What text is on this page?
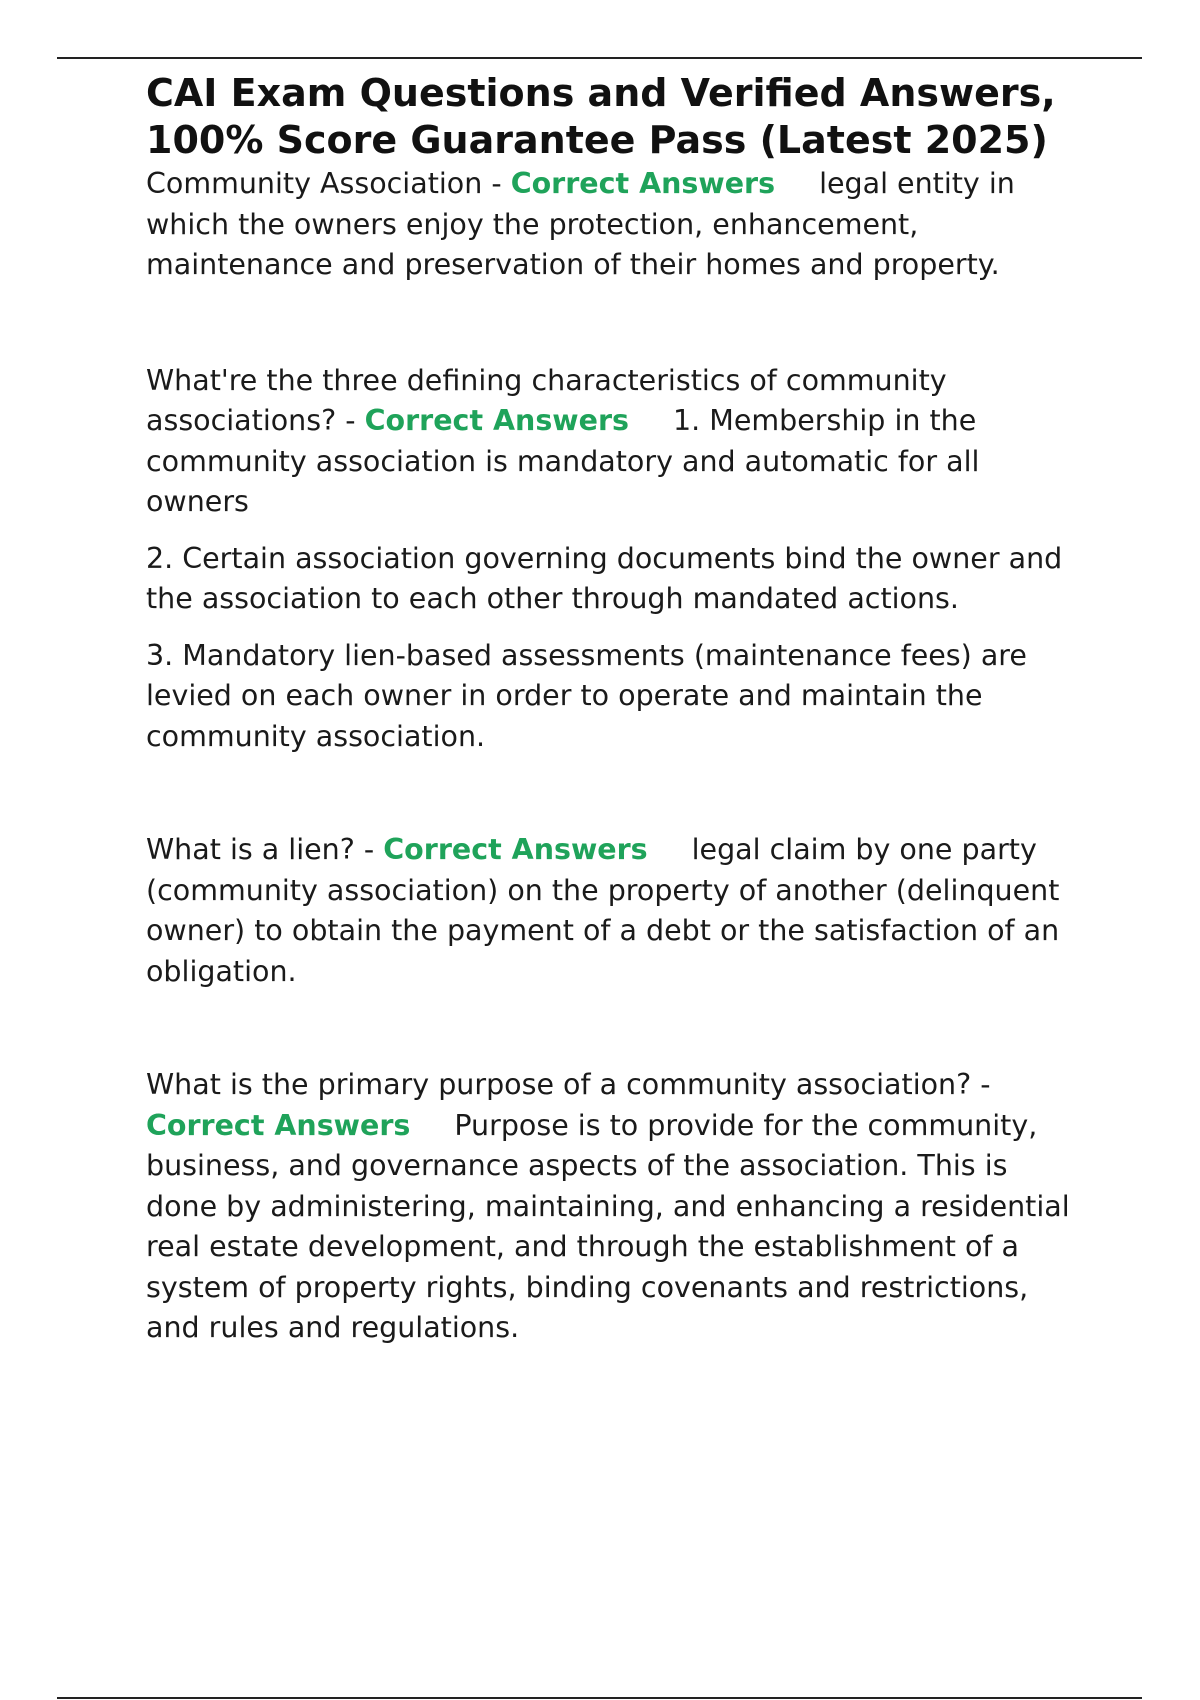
CAI Exam Questions and Verified Answers, 100% Score Guarantee Pass (Latest 2025)

Community Association - Correct Answers legal entity in which the owners enjoy the protection, enhancement, maintenance and preservation of their homes and property.

What're the three defining characteristics of community associations? - Correct Answers 1. Membership in the community association is mandatory and automatic for all owners

2. Certain association governing documents bind the owner and the association to each other through mandated actions.

3. Mandatory lien-based assessments (maintenance fees) are levied on each owner in order to operate and maintain the community association.

What is a lien? - Correct Answers legal claim by one party (community association) on the property of another (delinquent owner) to obtain the payment of a debt or the satisfaction of an obligation.

What is the primary purpose of a community association? - Correct Answers Purpose is to provide for the community, business, and governance aspects of the association. This is done by administering, maintaining, and enhancing a residential real estate development, and through the establishment of a system of property rights, binding covenants and restrictions, and rules and regulations.
